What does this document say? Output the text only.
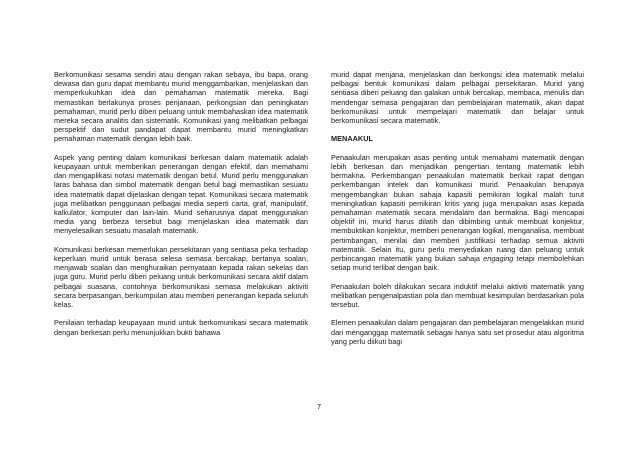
Berkomunikasi sesama sendiri atau dengan rakan sebaya, ibu bapa, orang dewasa dan guru dapat membantu murid menggambarkan, menjelaskan dan memperkukuhkan idea dan pemahaman matematik mereka. Bagi memastikan berlakunya proses penjanaan, perkongsian dan peningkatan pemahaman, murid perlu diberi peluang untuk membahaskan idea matematik mereka secara analitis dan sistematik. Komunikasi yang melibatkan pelbagai perspektif dan sudut pandapat dapat membantu murid meningkatkan pemahaman matematik dengan lebih baik.

Aspek yang penting dalam komunikasi berkesan dalam matematik adalah keupayaan untuk memberikan penerangan dengan efektif, dan memahami dan mengaplikasi notasi matematik dengan betul. Murid perlu menggunakan laras bahasa dan simbol matematik dengan betul bagi memastikan sesuatu idea matematik dapat dijelaskan dengan tepat. Komunikasi secara matematik juga melibatkan penggunaan pelbagai media seperti carta, graf, manipulatif, kalkulator, komputer dan lain-lain. Murid seharusnya dapat menggunakan media yang berbeza tersebut bagi menjelaskan idea matematik dan menyelesaikan sesuatu masalah matematik.

Komunikasi berkesan memerlukan persekitaran yang sentiasa peka terhadap keperluan murid untuk berasa selesa semasa bercakap, bertanya soalan, menjawab soalan dan menghuraikan pernyataan kepada rakan sekelas dan juga guru. Murid perlu diberi peluang untuk berkomunikasi secara aktif dalam pelbagai suasana, contohnya berkomunikasi semasa melakukan aktiviti secara berpasangan, berkumpulan atau memberi penerangan kepada seluruh kelas.

Penilaian terhadap keupayaan murid untuk berkomunikasi secara matematik dengan berkesan perlu menunjukkan bukti bahawa

murid dapat menjana, menjelaskan dan berkongsi idea matematik melalui pelbagai bentuk komunikasi dalam pelbagai persekitaran. Murid yang sentiasa diberi peluang dan galakan untuk bercakap, membaca, menulis dan mendengar semasa pengajaran dan pembelajaran matematik, akan dapat berkomunikasi untuk mempelajari matematik dan belajar untuk berkomunikasi secara matematik.

MENAAKUL

Penaakulan merupakan asas penting untuk memahami matematik dengan lebih berkesan dan menjadikan pengertian tentang matematik lebih bermakna. Perkembangan penaakulan matematik berkait rapat dengan perkembangan intelek dan komunikasi murid. Penaakulan berupaya mengembangkan bukan sahaja kapasiti pemikiran logikal malah turut meningkatkan kapasiti pemikiran kritis yang juga merupakan asas kepada pemahaman matematik secara mendalam dan bermakna. Bagi mencapai objektif ini, murid harus dilatih dan dibimbing untuk membuat konjektur, membuktikan konjektur, memberi penerangan logikal, menganalisa, membuat pertimbangan, menilai dan memberi justifikasi terhadap semua aktiviti matematik. Selain itu, guru perlu menyediakan ruang dan peluang untuk perbincangan matematik yang bukan sahaja engaging tetapi membolehkan setiap murid terlibat dengan baik.

Penaakulan boleh dilakukan secara induktif melalui aktiviti matematik yang melibatkan pengenalpastian pola dan membuat kesimpulan berdasarkan pola tersebut.

Elemen penaakulan dalam pengajaran dan pembelajaran mengelakkan murid dari menganggap matematik sebagai hanya satu set prosedur atau algoritma yang perlu diikuti bagi

7
